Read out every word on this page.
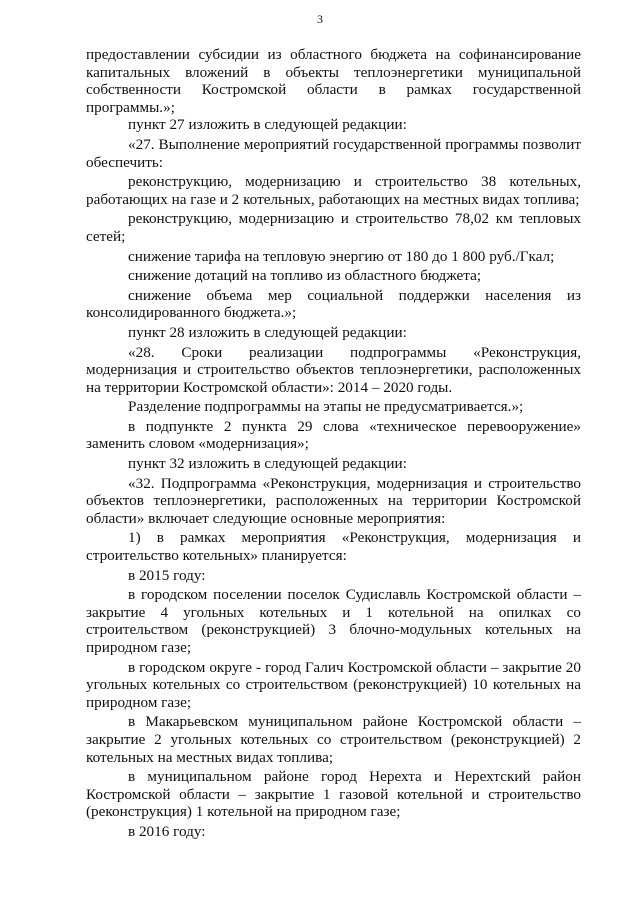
3

предоставлении субсидии из областного бюджета на софинансирование капитальных вложений в объекты теплоэнергетики муниципальной собственности Костромской области в рамках государственной программы.»;

пункт 27 изложить в следующей редакции:

«27. Выполнение мероприятий государственной программы позволит обеспечить:

реконструкцию, модернизацию и строительство 38 котельных, работающих на газе и 2 котельных, работающих на местных видах топлива;

реконструкцию, модернизацию и строительство 78,02 км тепловых сетей;

снижение тарифа на тепловую энергию от 180 до 1 800 руб./Гкал;

снижение дотаций на топливо из областного бюджета;

снижение объема мер социальной поддержки населения из консолидированного бюджета.»;

пункт 28 изложить в следующей редакции:

«28. Сроки реализации подпрограммы «Реконструкция, модернизация и строительство объектов теплоэнергетики, расположенных на территории Костромской области»: 2014 – 2020 годы.

Разделение подпрограммы на этапы не предусматривается.»;

в подпункте 2 пункта 29 слова «техническое перевооружение» заменить словом «модернизация»;

пункт 32 изложить в следующей редакции:

«32. Подпрограмма «Реконструкция, модернизация и строительство объектов теплоэнергетики, расположенных на территории Костромской области» включает следующие основные мероприятия:

1) в рамках мероприятия «Реконструкция, модернизация и строительство котельных» планируется:

в 2015 году:

в городском поселении поселок Судиславль Костромской области – закрытие 4 угольных котельных и 1 котельной на опилках со строительством (реконструкцией) 3 блочно-модульных котельных на природном газе;

в городском округе - город Галич Костромской области – закрытие 20 угольных котельных со строительством (реконструкцией) 10 котельных на природном газе;

в Макарьевском муниципальном районе Костромской области – закрытие 2 угольных котельных со строительством (реконструкцией) 2 котельных на местных видах топлива;

в муниципальном районе город Нерехта и Нерехтский район Костромской области – закрытие 1 газовой котельной и строительство (реконструкция) 1 котельной на природном газе;

в 2016 году:
